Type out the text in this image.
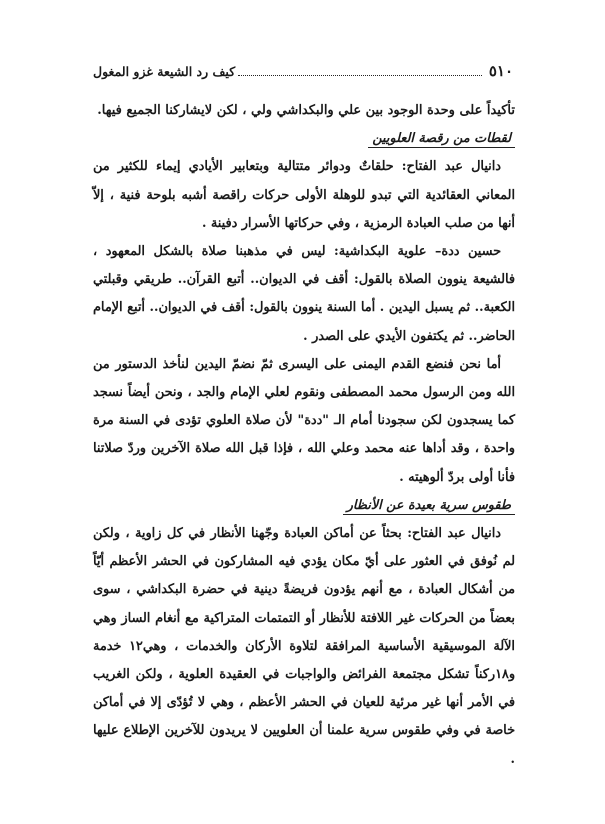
٥١٠
كيف رد الشيعة غزو المغول

تأكيداً على وحدة الوجود بين علي والبكداشي ولي ، لكن لايشاركنا الجميع فيها.

لقطات من رقصة العلويين

دانيال عبد الفتاح: حلقاتٌ ودوائر متتالية وبتعابير الأيادي إيماء للكثير من المعاني العقائدية التي تبدو للوهلة الأولى حركات راقصة أشبه بلوحة فنية ، إلاّ أنها من صلب العبادة الرمزية ، وفي حركاتها الأسرار دفينة .

حسين ددة– علوية البكداشية: ليس في مذهبنا صلاة بالشكل المعهود ، فالشيعة ينوون الصلاة بالقول: أقف في الديوان.. أتبع القرآن.. طريقي وقبلتي الكعبة.. ثم يسبل اليدين . أما السنة ينوون بالقول: أقف في الديوان.. أتبع الإمام الحاضر.. ثم يكتفون الأيدي على الصدر .

أما نحن فنضع القدم اليمنى على اليسرى ثمّ نضمّ اليدين لنأخذ الدستور من الله ومن الرسول محمد المصطفى ونقوم لعلي الإمام والجد ، ونحن أيضاً نسجد كما يسجدون لكن سجودنا أمام الـ "ددة" لأن صلاة العلوي تؤدى في السنة مرة واحدة ، وقد أداها عنه محمد وعلي الله ، فإذا قبل الله صلاة الآخرين وردّ صلاتنا فأنا أولى بردّ ألوهيته .

طقوس سرية بعيدة عن الأنظار

دانيال عبد الفتاح: بحثاً عن أماكن العبادة وجّهنا الأنظار في كل زاوية ، ولكن لم نُوفق في العثور على أيّ مكان يؤدي فيه المشاركون في الحشر الأعظم أيّاً من أشكال العبادة ، مع أنهم يؤدون فريضةً دينية في حضرة البكداشي ، سوى بعضاً من الحركات غير اللافتة للأنظار أو التمتمات المتراكية مع أنغام الساز وهي الآلة الموسيقية الأساسية المرافقة لتلاوة الأركان والخدمات ، وهي١٢ خدمة و١٨ركناً تشكل مجتمعة الفرائض والواجبات في العقيدة العلوية ، ولكن الغريب في الأمر أنها غير مرئية للعيان في الحشر الأعظم ، وهي لا تُؤدّى إلا في أماكن خاصة في وفي طقوس سرية علمنا أن العلويين لا يريدون للآخرين الإطلاع عليها .
